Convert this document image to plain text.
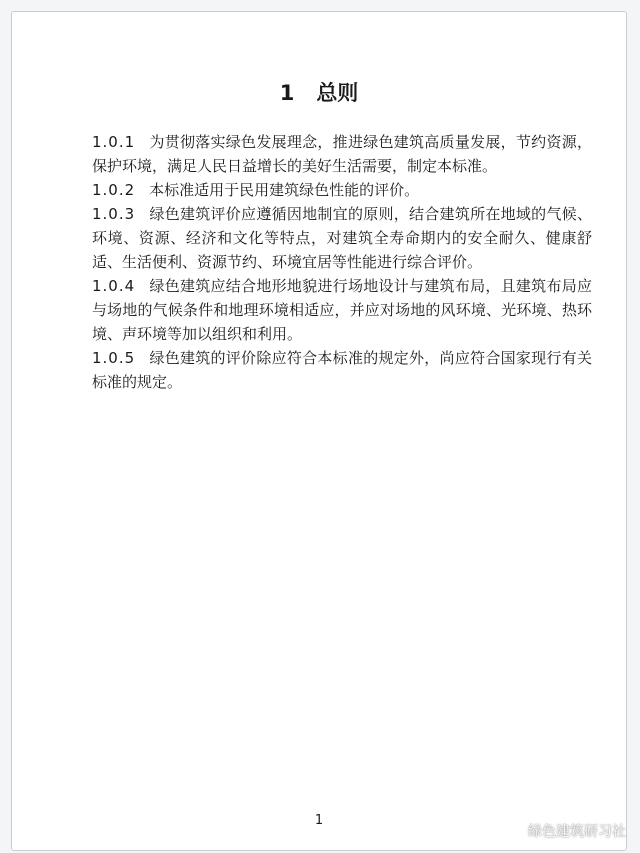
1 总则

1.0.1 为贯彻落实绿色发展理念，推进绿色建筑高质量发展，节约资源，保护环境，满足人民日益增长的美好生活需要，制定本标准。

1.0.2 本标准适用于民用建筑绿色性能的评价。

1.0.3 绿色建筑评价应遵循因地制宜的原则，结合建筑所在地域的气候、环境、资源、经济和文化等特点，对建筑全寿命期内的安全耐久、健康舒适、生活便利、资源节约、环境宜居等性能进行综合评价。

1.0.4 绿色建筑应结合地形地貌进行场地设计与建筑布局，且建筑布局应与场地的气候条件和地理环境相适应，并应对场地的风环境、光环境、热环境、声环境等加以组织和利用。

1.0.5 绿色建筑的评价除应符合本标准的规定外，尚应符合国家现行有关标准的规定。

1
绿色建筑研习社
